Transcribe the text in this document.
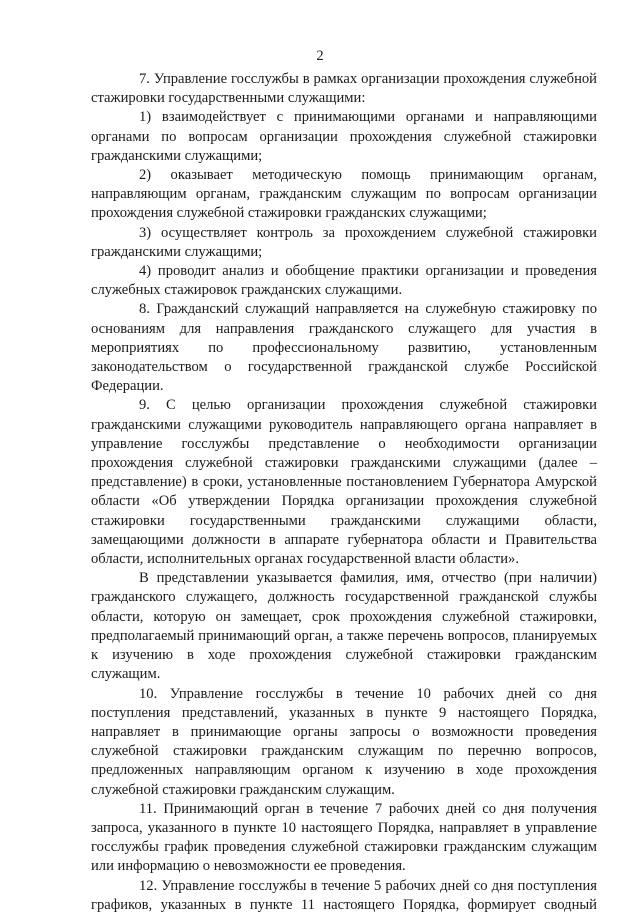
2

7. Управление госслужбы в рамках организации прохождения служебной стажировки государственными служащими:

1) взаимодействует с принимающими органами и направляющими органами по вопросам организации прохождения служебной стажировки гражданскими служащими;

2) оказывает методическую помощь принимающим органам, направляющим органам, гражданским служащим по вопросам организации прохождения служебной стажировки гражданских служащими;

3) осуществляет контроль за прохождением служебной стажировки гражданскими служащими;

4) проводит анализ и обобщение практики организации и проведения служебных стажировок гражданских служащими.

8. Гражданский служащий направляется на служебную стажировку по основаниям для направления гражданского служащего для участия в мероприятиях по профессиональному развитию, установленным законодательством о государственной гражданской службе Российской Федерации.

9. С целью организации прохождения служебной стажировки гражданскими служащими руководитель направляющего органа направляет в управление госслужбы представление о необходимости организации прохождения служебной стажировки гражданскими служащими (далее – представление) в сроки, установленные постановлением Губернатора Амурской области «Об утверждении Порядка организации прохождения служебной стажировки государственными гражданскими служащими области, замещающими должности в аппарате губернатора области и Правительства области, исполнительных органах государственной власти области».

В представлении указывается фамилия, имя, отчество (при наличии) гражданского служащего, должность государственной гражданской службы области, которую он замещает, срок прохождения служебной стажировки, предполагаемый принимающий орган, а также перечень вопросов, планируемых к изучению в ходе прохождения служебной стажировки гражданским служащим.

10. Управление госслужбы в течение 10 рабочих дней со дня поступления представлений, указанных в пункте 9 настоящего Порядка, направляет в принимающие органы запросы о возможности проведения служебной стажировки гражданским служащим по перечню вопросов, предложенных направляющим органом к изучению в ходе прохождения служебной стажировки гражданским служащим.

11. Принимающий орган в течение 7 рабочих дней со дня получения запроса, указанного в пункте 10 настоящего Порядка, направляет в управление госслужбы график проведения служебной стажировки гражданским служащим или информацию о невозможности ее проведения.

12. Управление госслужбы в течение 5 рабочих дней со дня поступления графиков, указанных в пункте 11 настоящего Порядка, формирует сводный
